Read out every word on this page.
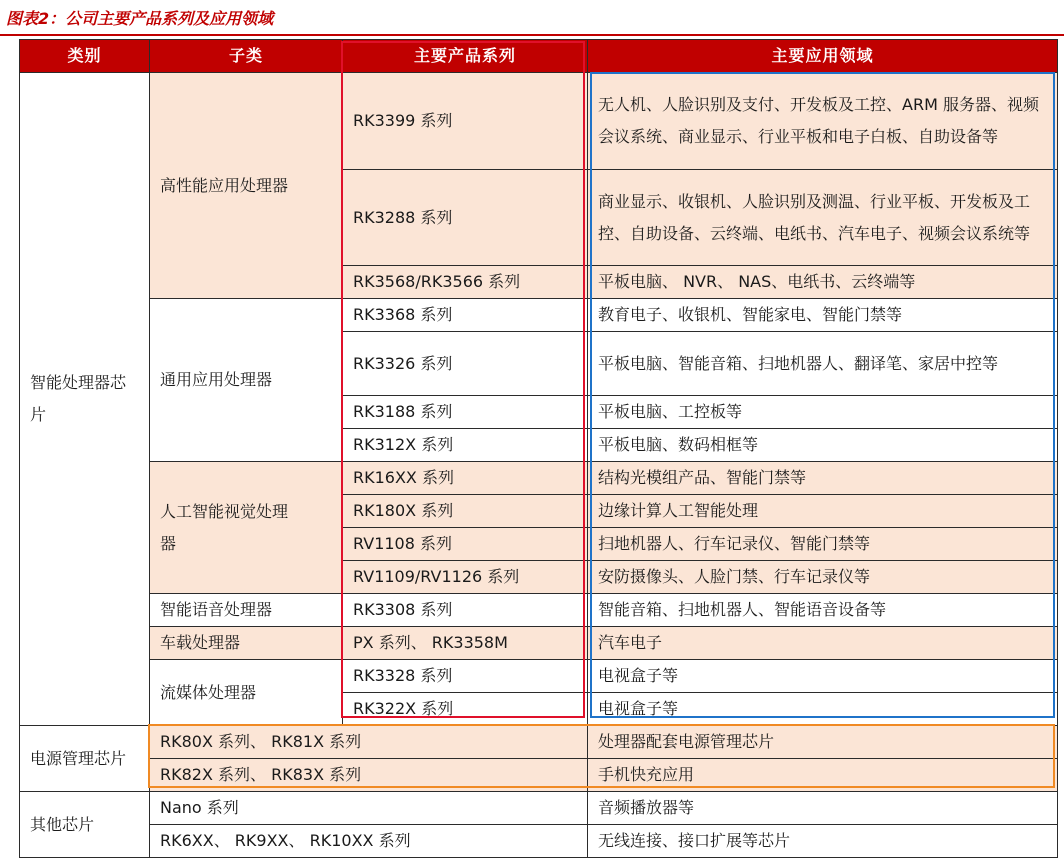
图表2：公司主要产品系列及应用领域
类别	子类	主要产品系列	主要应用领域
智能处理器芯片	高性能应用处理器	RK3399 系列	无人机、人脸识别及支付、开发板及工控、ARM 服务器、视频会议系统、商业显示、行业平板和电子白板、自助设备等
		RK3288 系列	商业显示、收银机、人脸识别及测温、行业平板、开发板及工控、自助设备、云终端、电纸书、汽车电子、视频会议系统等
		RK3568/RK3566 系列	平板电脑、 NVR、 NAS、电纸书、云终端等
	通用应用处理器	RK3368 系列	教育电子、收银机、智能家电、智能门禁等
		RK3326 系列	平板电脑、智能音箱、扫地机器人、翻译笔、家居中控等
		RK3188 系列	平板电脑、工控板等
		RK312X 系列	平板电脑、数码相框等

	人工智能视觉处理器	RK16XX 系列	结构光模组产品、智能门禁等
		RK180X 系列	边缘计算人工智能处理
		RV1108 系列	扫地机器人、行车记录仪、智能门禁等
		RV1109/RV1126 系列	安防摄像头、人脸门禁、行车记录仪等
	智能语音处理器	RK3308 系列	智能音箱、扫地机器人、智能语音设备等
	车载处理器	PX 系列、 RK3358M	汽车电子
	流媒体处理器	RK3328 系列	电视盒子等
		RK322X 系列	电视盒子等

电源管理芯片	RK80X 系列、 RK81X 系列		处理器配套电源管理芯片
	RK82X 系列、 RK83X 系列		手机快充应用
其他芯片	Nano 系列		音频播放器等
	RK6XX、 RK9XX、 RK10XX 系列		无线连接、接口扩展等芯片
